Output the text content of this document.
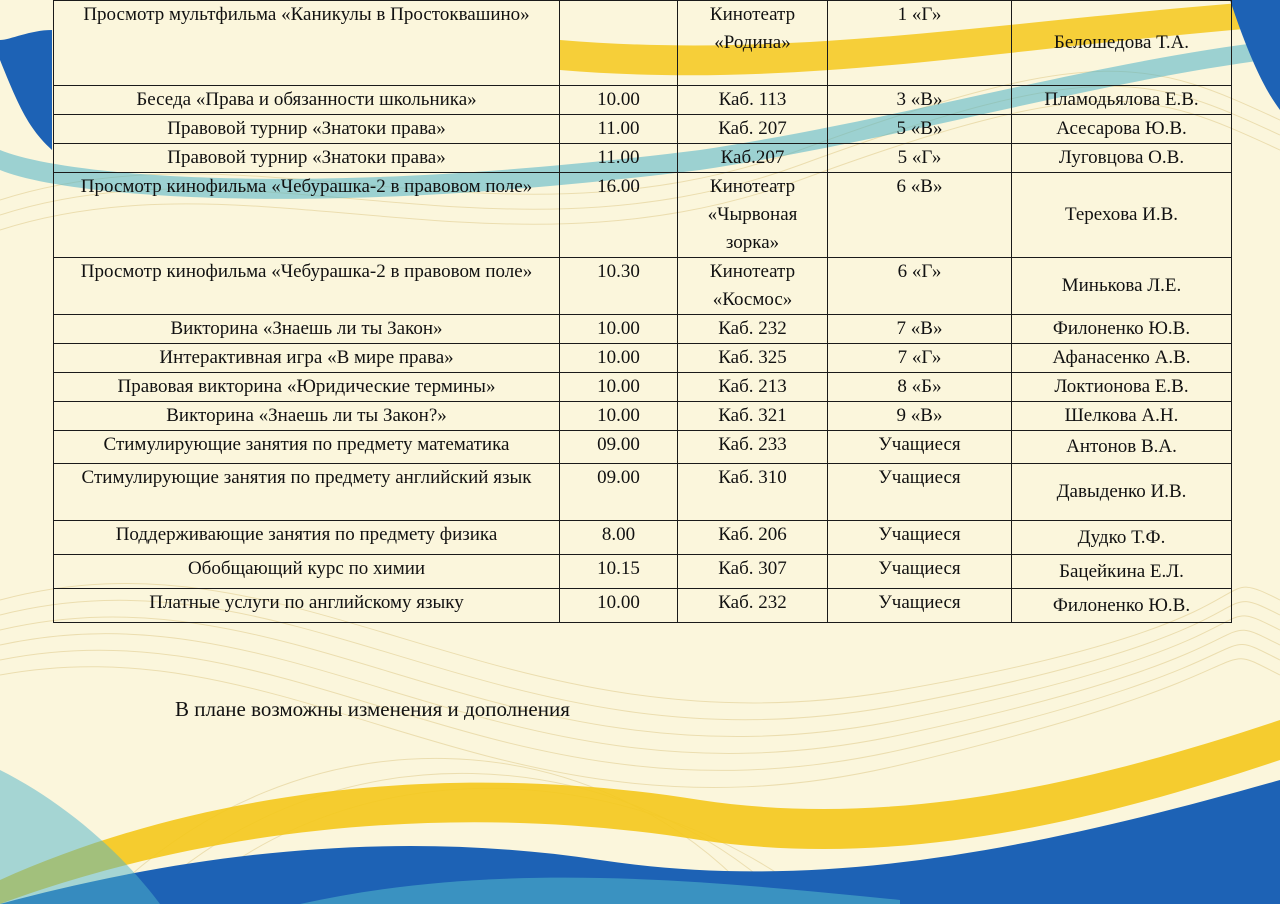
Просмотр мультфильма «Каникулы в Простоквашино»		Кинотеатр «Родина»	1 «Г»	Белошедова Т.А.
Беседа «Права и обязанности школьника»	10.00	Каб. 113	3 «В»	Пламодьялова Е.В.
Правовой турнир «Знатоки права»	11.00	Каб. 207	5 «В»	Асесарова Ю.В.
Правовой турнир «Знатоки права»	11.00	Каб.207	5 «Г»	Луговцова О.В.
Просмотр кинофильма «Чебурашка-2 в правовом поле»	16.00	Кинотеатр «Чырвоная зорка»	6 «В»	Терехова И.В.
Просмотр кинофильма «Чебурашка-2 в правовом поле»	10.30	Кинотеатр «Космос»	6 «Г»	Минькова Л.Е.
Викторина «Знаешь ли ты Закон»	10.00	Каб. 232	7 «В»	Филоненко Ю.В.
Интерактивная игра «В мире права»	10.00	Каб. 325	7 «Г»	Афанасенко А.В.
Правовая викторина «Юридические термины»	10.00	Каб. 213	8 «Б»	Локтионова Е.В.
Викторина «Знаешь ли ты Закон?»	10.00	Каб. 321	9 «В»	Шелкова А.Н.
Стимулирующие занятия по предмету математика	09.00	Каб. 233	Учащиеся	Антонов В.А.
Стимулирующие занятия по предмету английский язык	09.00	Каб. 310	Учащиеся	Давыденко И.В.
Поддерживающие занятия по предмету физика	8.00	Каб. 206	Учащиеся	Дудко Т.Ф.
Обобщающий курс по химии	10.15	Каб. 307	Учащиеся	Бацейкина Е.Л.
Платные услуги по английскому языку	10.00	Каб. 232	Учащиеся	Филоненко Ю.В.
В плане возможны изменения и дополнения
